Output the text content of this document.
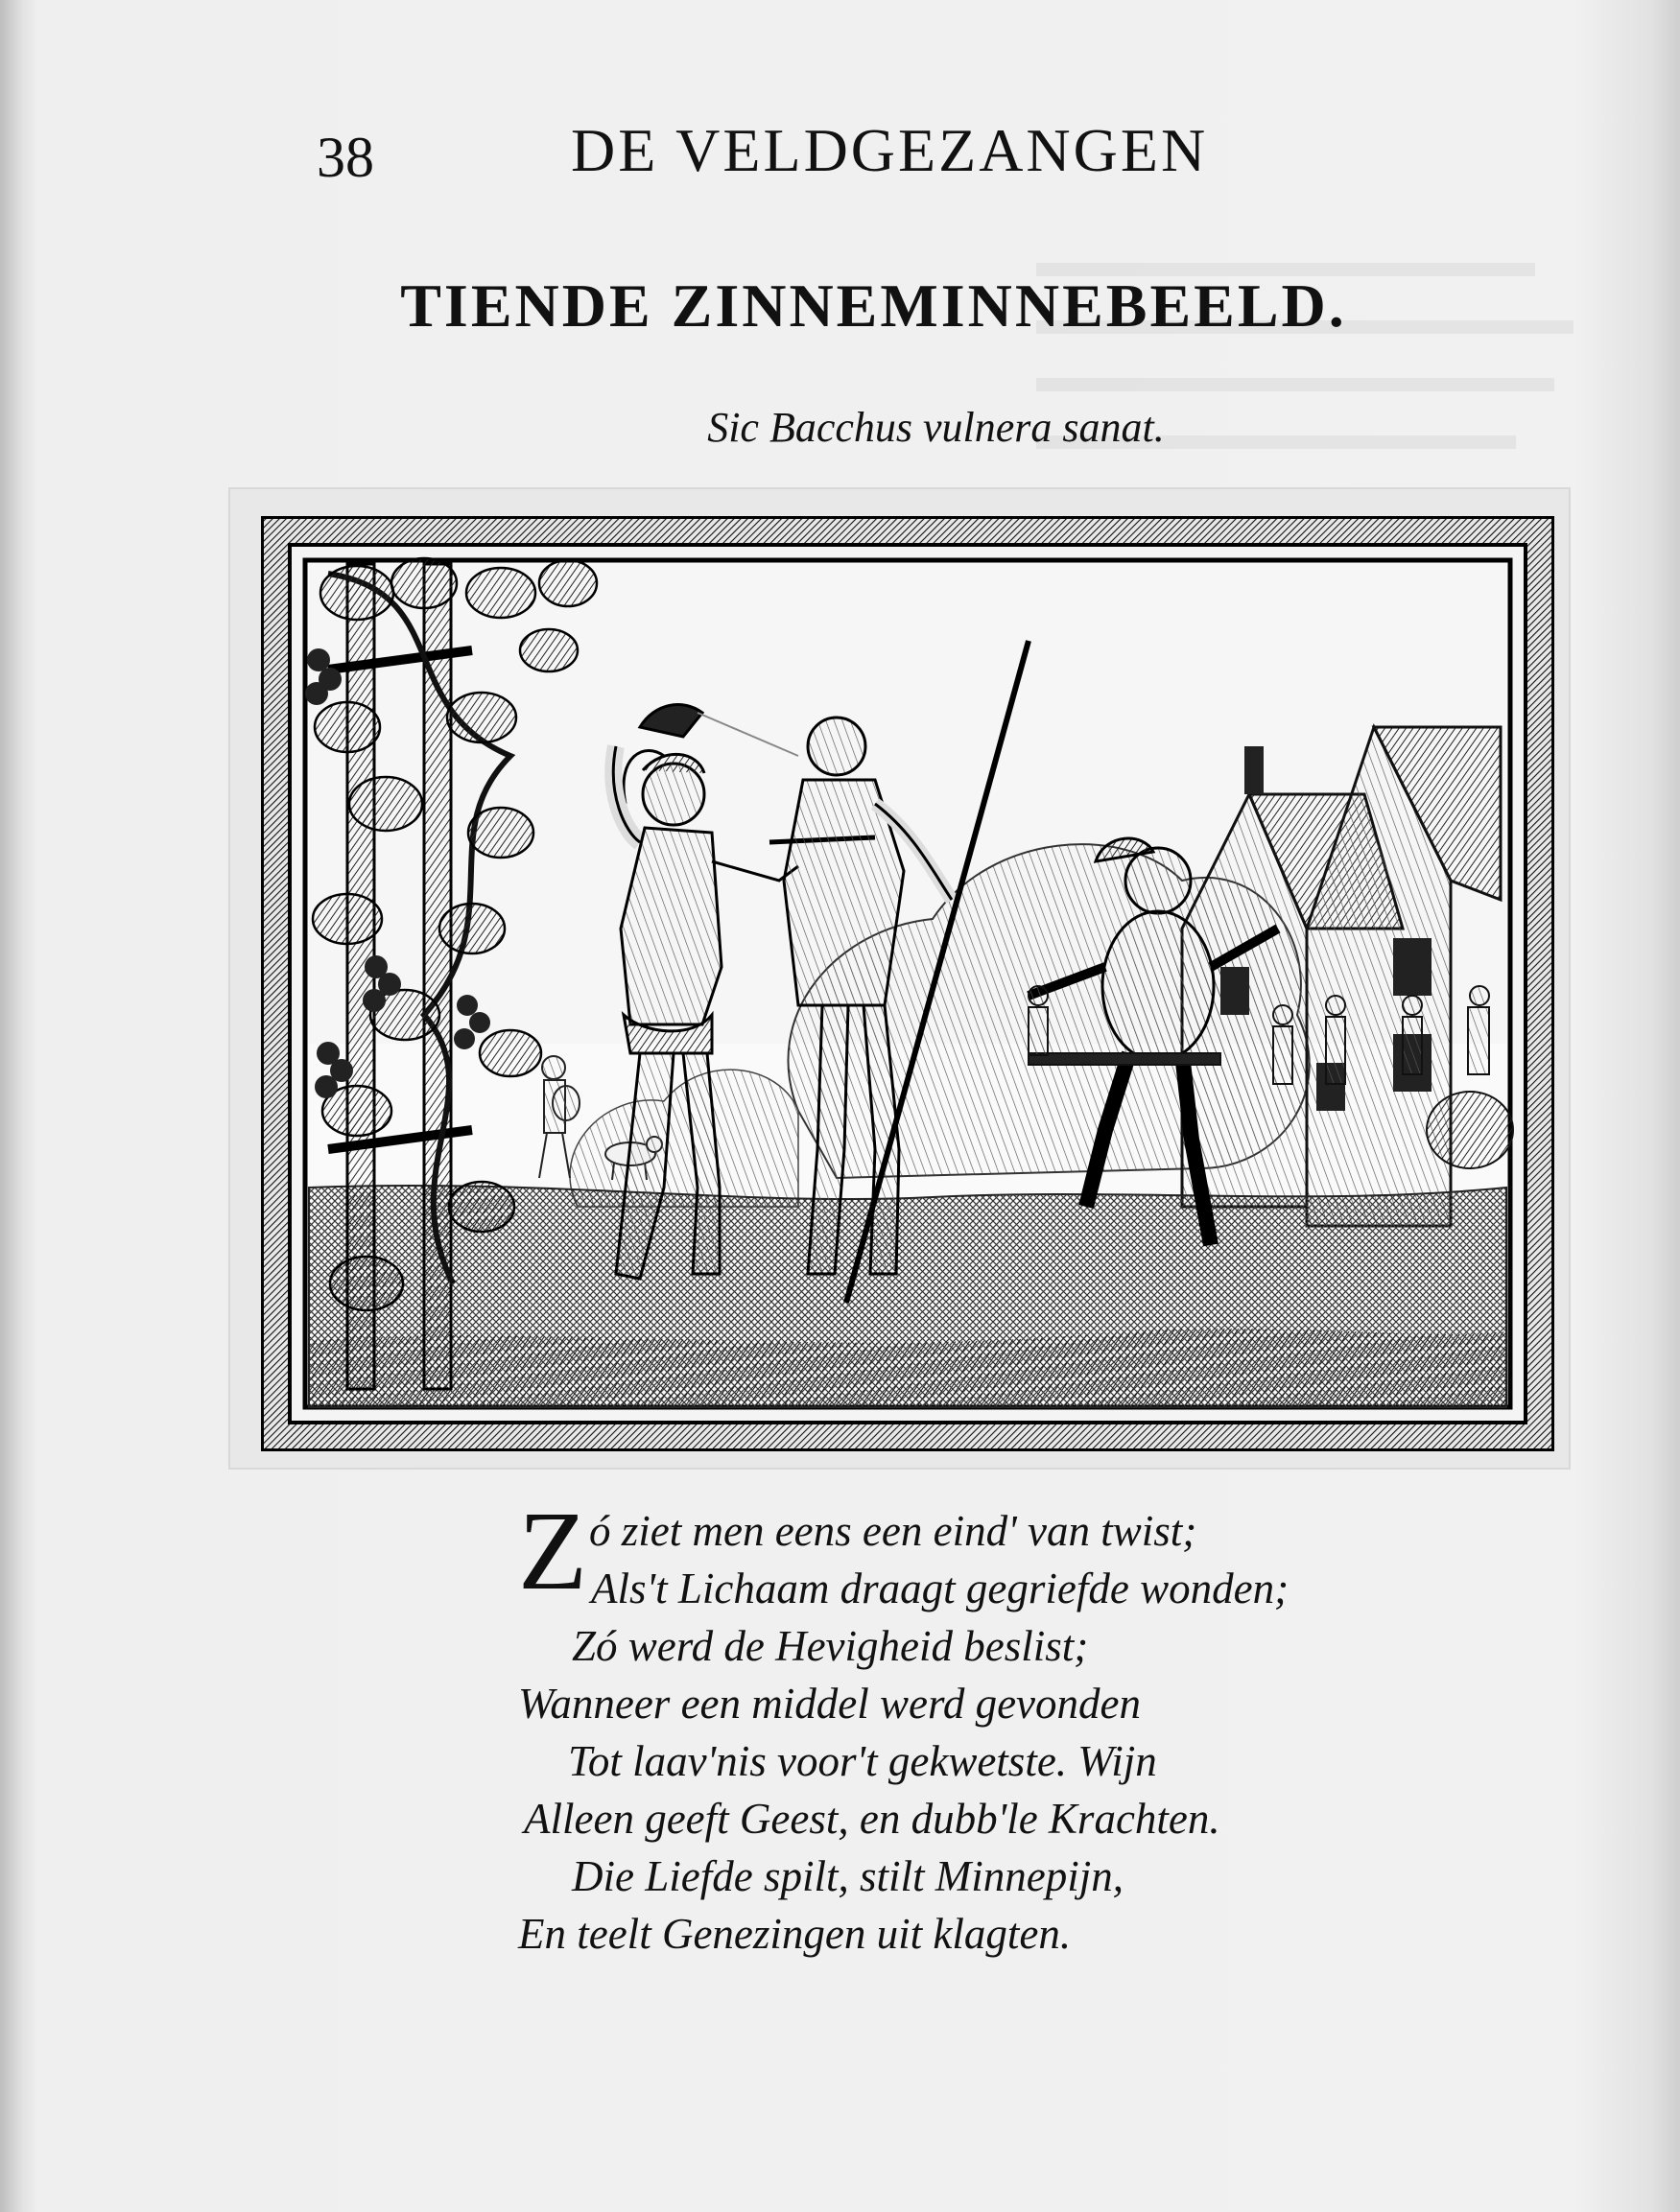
38	DE VELDGEZANGEN
TIENDE ZINNEMINNEBEELD.
Sic Bacchus vulnera sanat.
Z ó ziet men eens een eind' van twist;
Als't Lichaam draagt gegriefde wonden;
Zó werd de Hevigheid beslist;
Wanneer een middel werd gevonden
Tot laav'nis voor't gekwetste. Wijn
Alleen geeft Geest, en dubb'le Krachten.
Die Liefde spilt, stilt Minnepijn,
En teelt Genezingen uit klagten.
